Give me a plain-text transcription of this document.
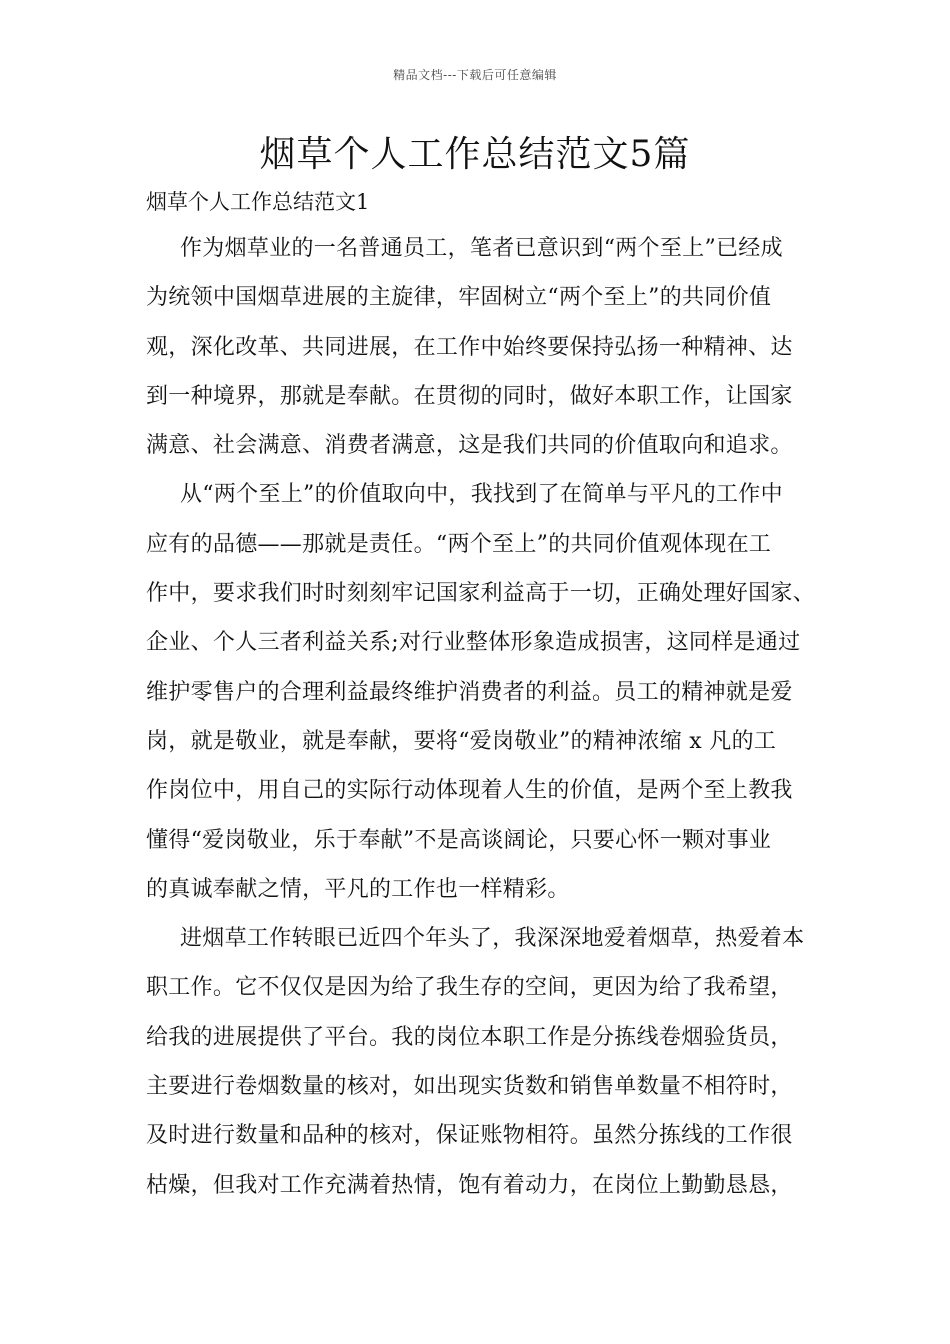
精品文档---下载后可任意编辑
烟草个人工作总结范文5篇
烟草个人工作总结范文1
作为烟草业的一名普通员工，笔者已意识到“两个至上”已经成
为统领中国烟草进展的主旋律，牢固树立“两个至上”的共同价值
观，深化改革、共同进展，在工作中始终要保持弘扬一种精神、达
到一种境界，那就是奉献。在贯彻的同时，做好本职工作，让国家
满意、社会满意、消费者满意，这是我们共同的价值取向和追求。
从“两个至上”的价值取向中，我找到了在简单与平凡的工作中
应有的品德——那就是责任。“两个至上”的共同价值观体现在工
作中，要求我们时时刻刻牢记国家利益高于一切，正确处理好国家、
企业、个人三者利益关系;对行业整体形象造成损害，这同样是通过
维护零售户的合理利益最终维护消费者的利益。员工的精神就是爱
岗，就是敬业，就是奉献，要将“爱岗敬业”的精神浓缩 x 凡的工
作岗位中，用自己的实际行动体现着人生的价值，是两个至上教我
懂得“爱岗敬业，乐于奉献”不是高谈阔论，只要心怀一颗对事业
的真诚奉献之情，平凡的工作也一样精彩。
进烟草工作转眼已近四个年头了，我深深地爱着烟草，热爱着本
职工作。它不仅仅是因为给了我生存的空间，更因为给了我希望，
给我的进展提供了平台。我的岗位本职工作是分拣线卷烟验货员，
主要进行卷烟数量的核对，如出现实货数和销售单数量不相符时，
及时进行数量和品种的核对，保证账物相符。虽然分拣线的工作很
枯燥，但我对工作充满着热情，饱有着动力，在岗位上勤勤恳恳，
